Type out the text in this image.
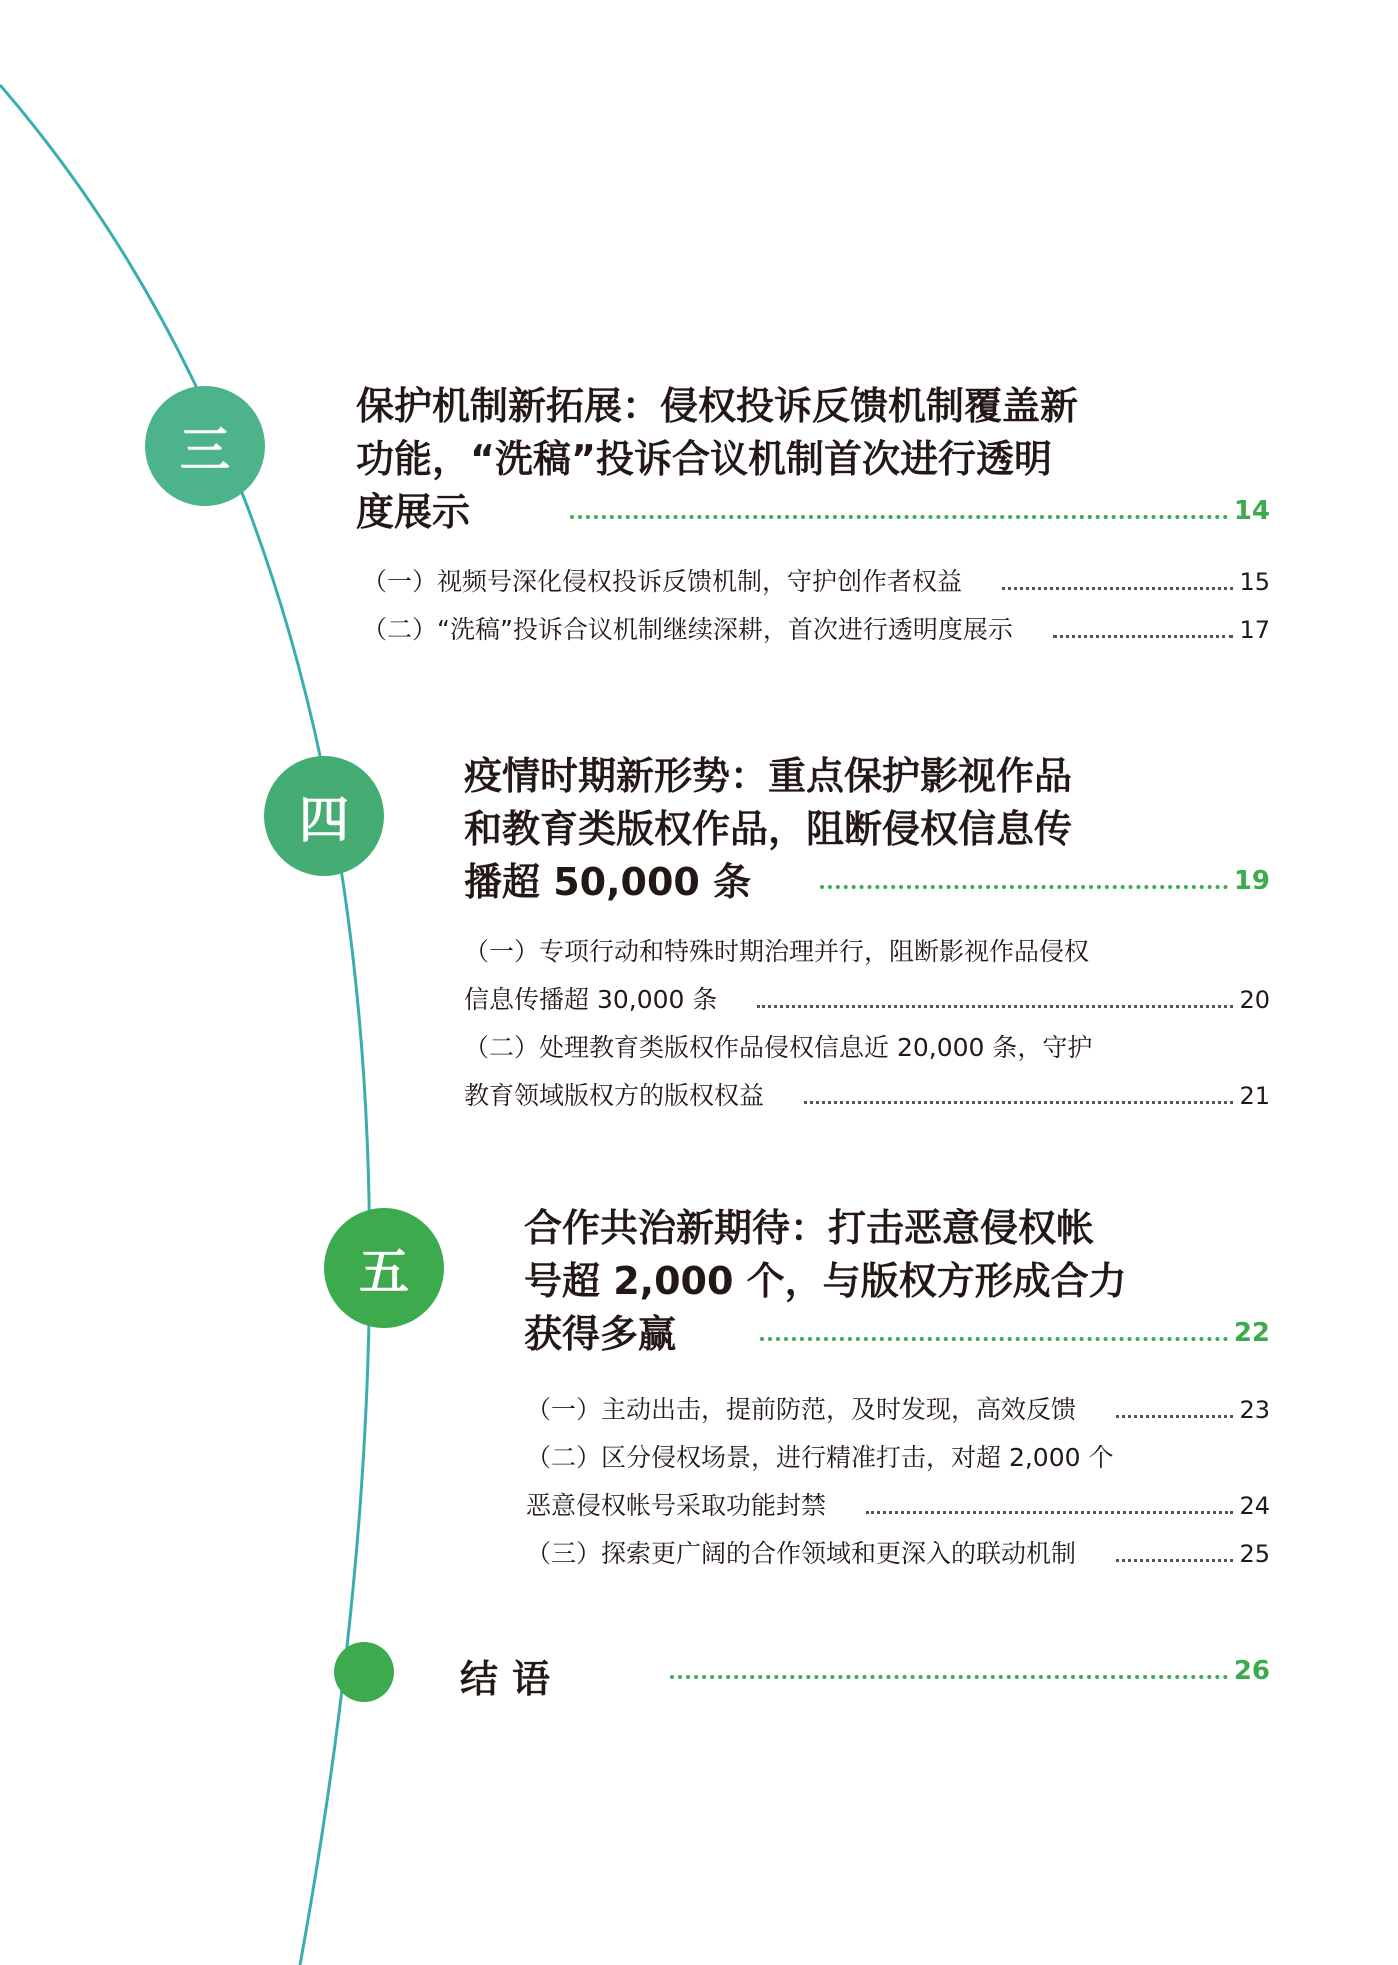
三
保护机制新拓展：侵权投诉反馈机制覆盖新
功能，“洗稿”投诉合议机制首次进行透明
度展示	14
（一）视频号深化侵权投诉反馈机制，守护创作者权益	15
（二）“洗稿”投诉合议机制继续深耕，首次进行透明度展示	17
四
疫情时期新形势：重点保护影视作品
和教育类版权作品，阻断侵权信息传
播超 50,000 条	19
（一）专项行动和特殊时期治理并行，阻断影视作品侵权
信息传播超 30,000 条	20
（二）处理教育类版权作品侵权信息近 20,000 条，守护
教育领域版权方的版权权益	21
五
合作共治新期待：打击恶意侵权帐
号超 2,000 个，与版权方形成合力
获得多赢	22
（一）主动出击，提前防范，及时发现，高效反馈	23
（二）区分侵权场景，进行精准打击，对超 2,000 个
恶意侵权帐号采取功能封禁	24
（三）探索更广阔的合作领域和更深入的联动机制	25
结语	26
